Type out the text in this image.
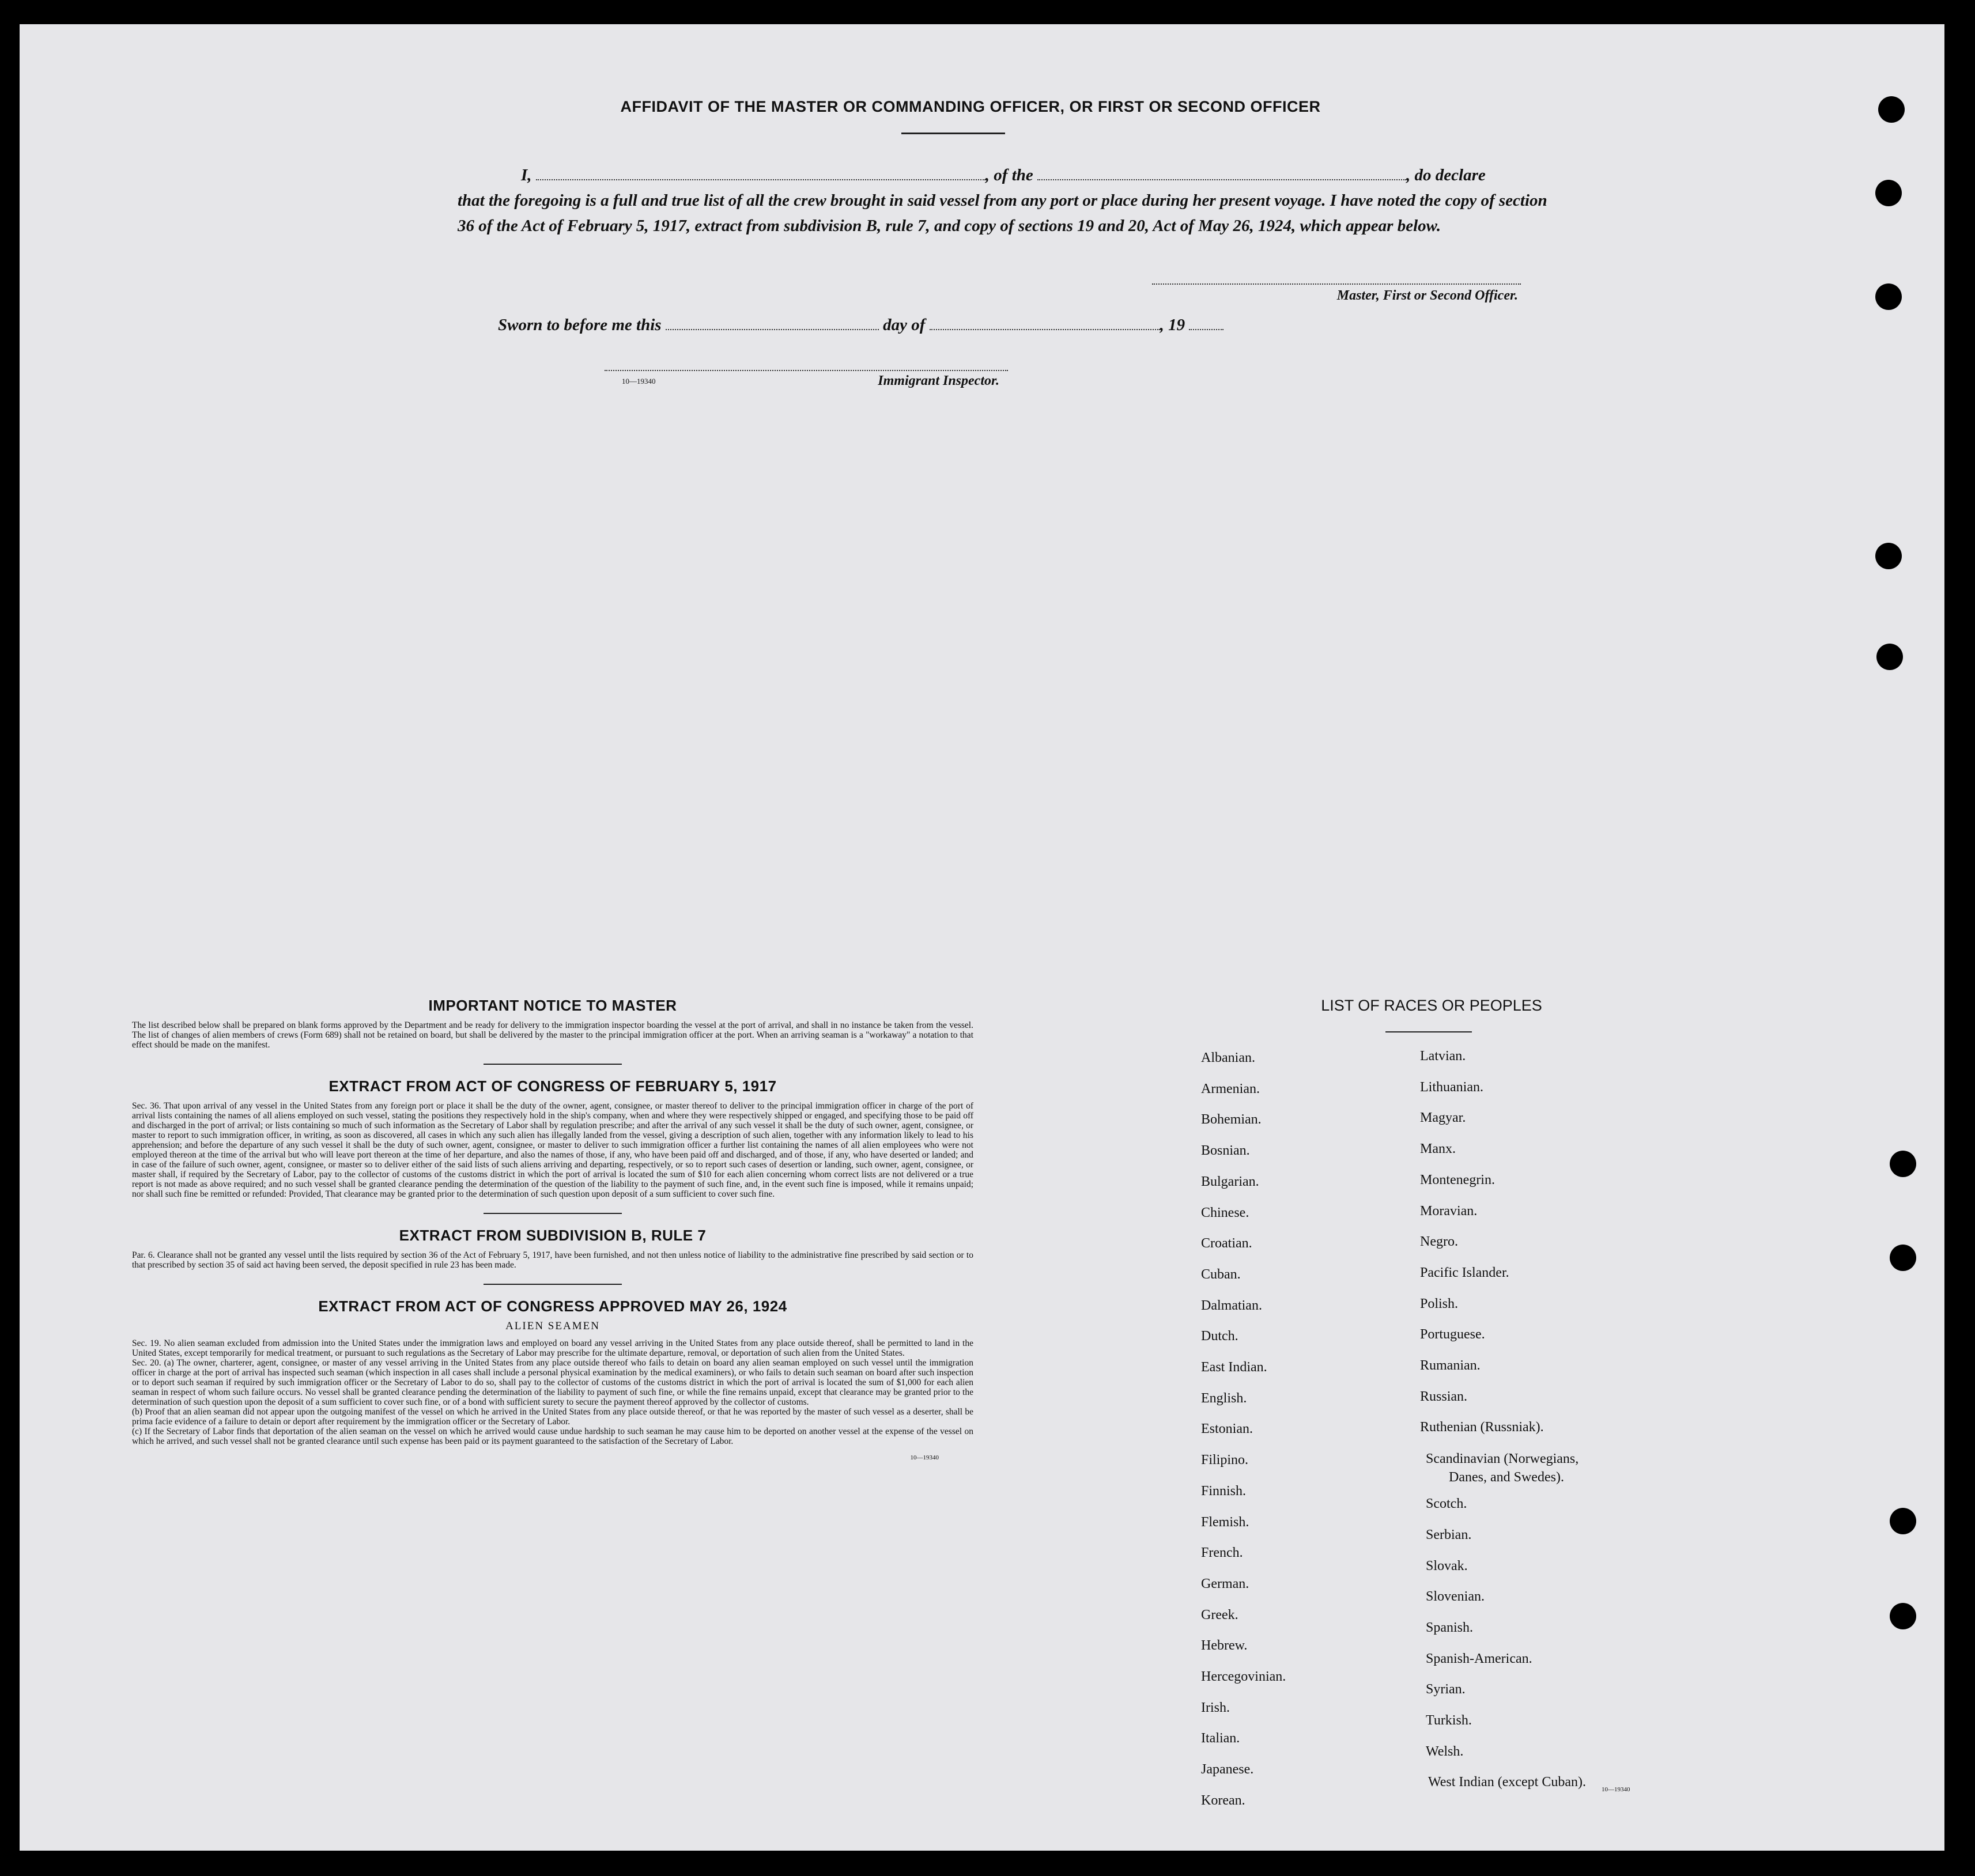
AFFIDAVIT OF THE MASTER OR COMMANDING OFFICER, OR FIRST OR SECOND OFFICER
I,	, of the	, do declare
that the foregoing is a full and true list of all the crew brought in said vessel from any port or place during her present voyage. I have noted the copy of section 36 of the Act of February 5, 1917, extract from subdivision B, rule 7, and copy of sections 19 and 20, Act of May 26, 1924, which appear below.
Master, First or Second Officer.
Sworn to before me this	day of	, 19
10—19340	Immigrant Inspector.
IMPORTANT NOTICE TO MASTER

The list described below shall be prepared on blank forms approved by the Department and be ready for delivery to the immigration inspector boarding the vessel at the port of arrival, and shall in no instance be taken from the vessel. The list of changes of alien members of crews (Form 689) shall not be retained on board, but shall be delivered by the master to the principal immigration officer at the port. When an arriving seaman is a "workaway" a notation to that effect should be made on the manifest.

EXTRACT FROM ACT OF CONGRESS OF FEBRUARY 5, 1917

Sec. 36. That upon arrival of any vessel in the United States from any foreign port or place it shall be the duty of the owner, agent, consignee, or master thereof to deliver to the principal immigration officer in charge of the port of arrival lists containing the names of all aliens employed on such vessel, stating the positions they respectively hold in the ship's company, when and where they were respectively shipped or engaged, and specifying those to be paid off and discharged in the port of arrival; or lists containing so much of such information as the Secretary of Labor shall by regulation prescribe; and after the arrival of any such vessel it shall be the duty of such owner, agent, consignee, or master to report to such immigration officer, in writing, as soon as discovered, all cases in which any such alien has illegally landed from the vessel, giving a description of such alien, together with any information likely to lead to his apprehension; and before the departure of any such vessel it shall be the duty of such owner, agent, consignee, or master to deliver to such immigration officer a further list containing the names of all alien employees who were not employed thereon at the time of the arrival but who will leave port thereon at the time of her departure, and also the names of those, if any, who have been paid off and discharged, and of those, if any, who have deserted or landed; and in case of the failure of such owner, agent, consignee, or master so to deliver either of the said lists of such aliens arriving and departing, respectively, or so to report such cases of desertion or landing, such owner, agent, consignee, or master shall, if required by the Secretary of Labor, pay to the collector of customs of the customs district in which the port of arrival is located the sum of $10 for each alien concerning whom correct lists are not delivered or a true report is not made as above required; and no such vessel shall be granted clearance pending the determination of the question of the liability to the payment of such fine, and, in the event such fine is imposed, while it remains unpaid; nor shall such fine be remitted or refunded: Provided, That clearance may be granted prior to the determination of such question upon deposit of a sum sufficient to cover such fine.

EXTRACT FROM SUBDIVISION B, RULE 7

Par. 6. Clearance shall not be granted any vessel until the lists required by section 36 of the Act of February 5, 1917, have been furnished, and not then unless notice of liability to the administrative fine prescribed by said section or to that prescribed by section 35 of said act having been served, the deposit specified in rule 23 has been made.

EXTRACT FROM ACT OF CONGRESS APPROVED MAY 26, 1924
ALIEN SEAMEN

Sec. 19. No alien seaman excluded from admission into the United States under the immigration laws and employed on board any vessel arriving in the United States from any place outside thereof, shall be permitted to land in the United States, except temporarily for medical treatment, or pursuant to such regulations as the Secretary of Labor may prescribe for the ultimate departure, removal, or deportation of such alien from the United States.

Sec. 20. (a) The owner, charterer, agent, consignee, or master of any vessel arriving in the United States from any place outside thereof who fails to detain on board any alien seaman employed on such vessel until the immigration officer in charge at the port of arrival has inspected such seaman (which inspection in all cases shall include a personal physical examination by the medical examiners), or who fails to detain such seaman on board after such inspection or to deport such seaman if required by such immigration officer or the Secretary of Labor to do so, shall pay to the collector of customs of the customs district in which the port of arrival is located the sum of $1,000 for each alien seaman in respect of whom such failure occurs. No vessel shall be granted clearance pending the determination of the liability to payment of such fine, or while the fine remains unpaid, except that clearance may be granted prior to the determination of such question upon the deposit of a sum sufficient to cover such fine, or of a bond with sufficient surety to secure the payment thereof approved by the collector of customs.

(b) Proof that an alien seaman did not appear upon the outgoing manifest of the vessel on which he arrived in the United States from any place outside thereof, or that he was reported by the master of such vessel as a deserter, shall be prima facie evidence of a failure to detain or deport after requirement by the immigration officer or the Secretary of Labor.

(c) If the Secretary of Labor finds that deportation of the alien seaman on the vessel on which he arrived would cause undue hardship to such seaman he may cause him to be deported on another vessel at the expense of the vessel on which he arrived, and such vessel shall not be granted clearance until such expense has been paid or its payment guaranteed to the satisfaction of the Secretary of Labor.

10—19340
LIST OF RACES OR PEOPLES
Albanian.
Armenian.
Bohemian.
Bosnian.
Bulgarian.
Chinese.
Croatian.
Cuban.
Dalmatian.
Dutch.
East Indian.
English.
Estonian.
Filipino.
Finnish.
Flemish.
French.
German.
Greek.
Hebrew.
Hercegovinian.
Irish.
Italian.
Japanese.
Korean.
Latvian.
Lithuanian.
Magyar.
Manx.
Montenegrin.
Moravian.
Negro.
Pacific Islander.
Polish.
Portuguese.
Rumanian.
Russian.
Ruthenian (Russniak).
Scandinavian (Norwegians,
Danes, and Swedes).
Scotch.
Serbian.
Slovak.
Slovenian.
Spanish.
Spanish-American.
Syrian.
Turkish.
Welsh.
West Indian (except Cuban).	10—19340
